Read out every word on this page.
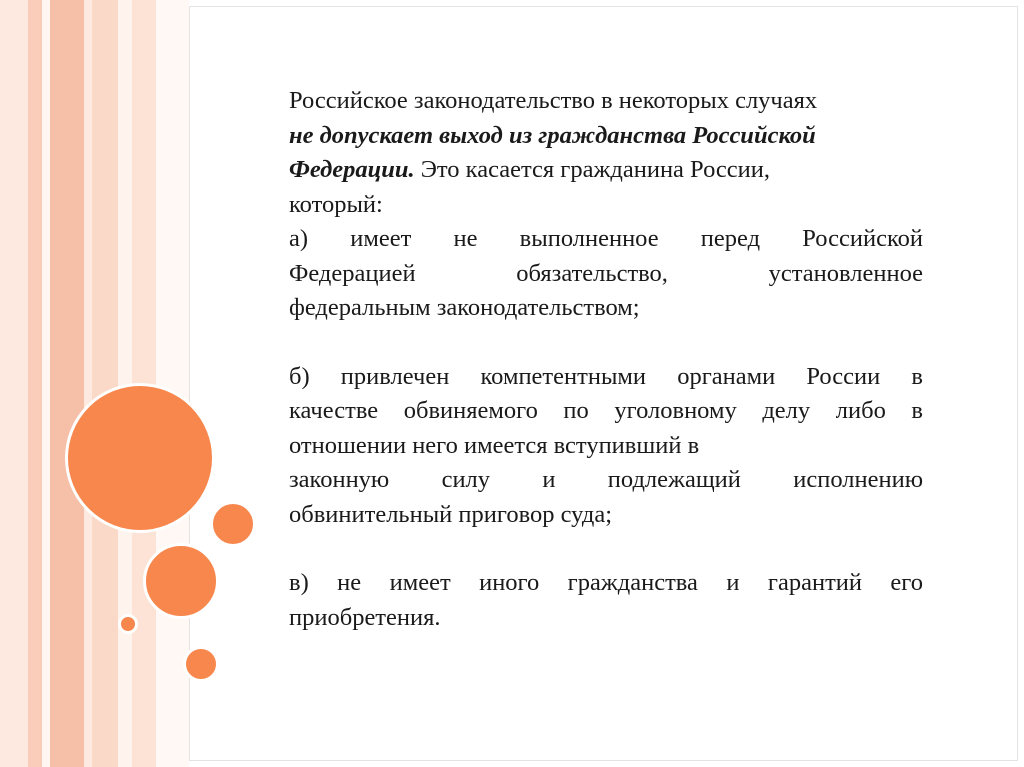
Российское законодательство в некоторых случаях
не допускает выход из гражданства Российской
Федерации. Это касается гражданина России,
который:

а) имеет не выполненное перед Российской
Федерацией обязательство, установленное
федеральным законодательством;

б) привлечен компетентными органами России в
качестве обвиняемого по уголовному делу либо в
отношении него имеется вступивший в
законную силу и подлежащий исполнению
обвинительный приговор суда;

в) не имеет иного гражданства и гарантий его
приобретения.
